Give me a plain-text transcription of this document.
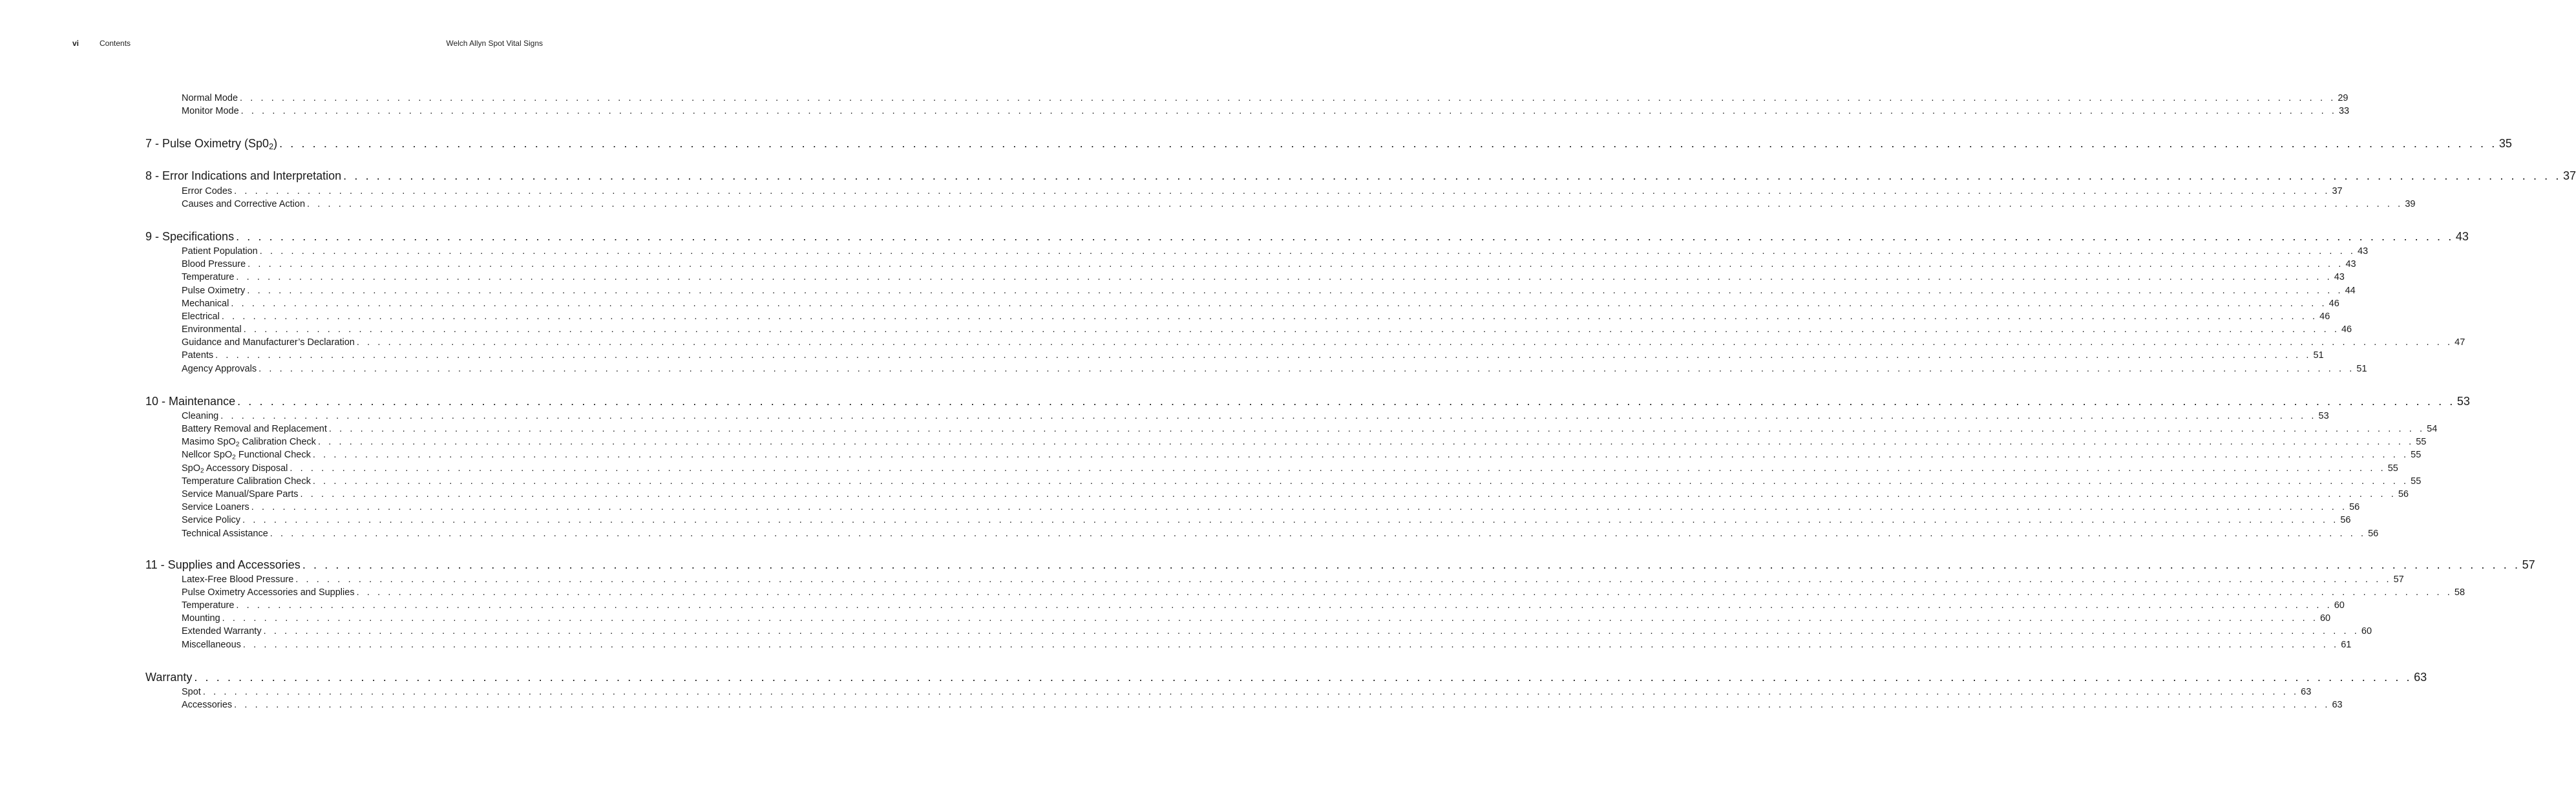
vi	Contents	Welch Allyn Spot Vital Signs
Normal Mode . . . . . . . . . . . . . . . . . . . . . . . . . . . . . . . . . . . . . . . . . . . . . . . . . . . . . . . . . . . . . . . . . . . . . . . . . . . . . . . . . . . . . . . . . . . . . . . . . . . . . . . . . . . . . . . . . . . . . . . . . . . . . . . . . . . . . . . . . . . . . . . . . . . . . . . . . . . . . . . . . . . . . . . . . . . . . . . . . . . . . . . . . . . . . . . . . . . . . . . . 29
Monitor Mode . . . . . . . . . . . . . . . . . . . . . . . . . . . . . . . . . . . . . . . . . . . . . . . . . . . . . . . . . . . . . . . . . . . . . . . . . . . . . . . . . . . . . . . . . . . . . . . . . . . . . . . . . . . . . . . . . . . . . . . . . . . . . . . . . . . . . . . . . . . . . . . . . . . . . . . . . . . . . . . . . . . . . . . . . . . . . . . . . . . . . . . . . . . . . . . . . . . . . . . . 33
7 - Pulse Oximetry $(Sp0_2)$ . . . . . . . . . . . . . . . . . . . . . . . . . . . . . . . . . . . . . . . . . . . . . . . . . . . . . . . . . . . . . . . . . . . . . . . . . . . . . . . . . . . . . . . . . . . . . . . . . . . . . . . . . . . . . . . . . . . . . . . . . . . . . . . . . . . . . . . . . . . . . . . . . . . . . . . . . . . . . . . . . . . . . . . . . . . . . . . . . . . . . . . . . . . . . . . . . . . . . . . . 35
8 - Error Indications and Interpretation . . . . . . . . . . . . . . . . . . . . . . . . . . . . . . . . . . . . . . . . . . . . . . . . . . . . . . . . . . . . . . . . . . . . . . . . . . . . . . . . . . . . . . . . . . . . . . . . . . . . . . . . . . . . . . . . . . . . . . . . . . . . . . . . . . . . . . . . . . . . . . . . . . . . . . . . . . . . . . . . . . . . . . . . . . . . . . . . . . . . . . . . . . . . . . . . . . . . . . . . 37
Error Codes . . . . . . . . . . . . . . . . . . . . . . . . . . . . . . . . . . . . . . . . . . . . . . . . . . . . . . . . . . . . . . . . . . . . . . . . . . . . . . . . . . . . . . . . . . . . . . . . . . . . . . . . . . . . . . . . . . . . . . . . . . . . . . . . . . . . . . . . . . . . . . . . . . . . . . . . . . . . . . . . . . . . . . . . . . . . . . . . . . . . . . . . . . . . . . . . . . . . . . . . 37
Causes and Corrective Action . . . . . . . . . . . . . . . . . . . . . . . . . . . . . . . . . . . . . . . . . . . . . . . . . . . . . . . . . . . . . . . . . . . . . . . . . . . . . . . . . . . . . . . . . . . . . . . . . . . . . . . . . . . . . . . . . . . . . . . . . . . . . . . . . . . . . . . . . . . . . . . . . . . . . . . . . . . . . . . . . . . . . . . . . . . . . . . . . . . . . . . . . . . . . . . . . . . . . . . . 39
9 - Specifications . . . . . . . . . . . . . . . . . . . . . . . . . . . . . . . . . . . . . . . . . . . . . . . . . . . . . . . . . . . . . . . . . . . . . . . . . . . . . . . . . . . . . . . . . . . . . . . . . . . . . . . . . . . . . . . . . . . . . . . . . . . . . . . . . . . . . . . . . . . . . . . . . . . . . . . . . . . . . . . . . . . . . . . . . . . . . . . . . . . . . . . . . . . . . . . . . . . . . . . . 43
Patient Population . . . . . . . . . . . . . . . . . . . . . . . . . . . . . . . . . . . . . . . . . . . . . . . . . . . . . . . . . . . . . . . . . . . . . . . . . . . . . . . . . . . . . . . . . . . . . . . . . . . . . . . . . . . . . . . . . . . . . . . . . . . . . . . . . . . . . . . . . . . . . . . . . . . . . . . . . . . . . . . . . . . . . . . . . . . . . . . . . . . . . . . . . . . . . . . . . . . . . . . . 43
Blood Pressure . . . . . . . . . . . . . . . . . . . . . . . . . . . . . . . . . . . . . . . . . . . . . . . . . . . . . . . . . . . . . . . . . . . . . . . . . . . . . . . . . . . . . . . . . . . . . . . . . . . . . . . . . . . . . . . . . . . . . . . . . . . . . . . . . . . . . . . . . . . . . . . . . . . . . . . . . . . . . . . . . . . . . . . . . . . . . . . . . . . . . . . . . . . . . . . . . . . . . . . . 43
Temperature . . . . . . . . . . . . . . . . . . . . . . . . . . . . . . . . . . . . . . . . . . . . . . . . . . . . . . . . . . . . . . . . . . . . . . . . . . . . . . . . . . . . . . . . . . . . . . . . . . . . . . . . . . . . . . . . . . . . . . . . . . . . . . . . . . . . . . . . . . . . . . . . . . . . . . . . . . . . . . . . . . . . . . . . . . . . . . . . . . . . . . . . . . . . . . . . . . . . . . . . 43
Pulse Oximetry . . . . . . . . . . . . . . . . . . . . . . . . . . . . . . . . . . . . . . . . . . . . . . . . . . . . . . . . . . . . . . . . . . . . . . . . . . . . . . . . . . . . . . . . . . . . . . . . . . . . . . . . . . . . . . . . . . . . . . . . . . . . . . . . . . . . . . . . . . . . . . . . . . . . . . . . . . . . . . . . . . . . . . . . . . . . . . . . . . . . . . . . . . . . . . . . . . . . . . . . 44
Mechanical . . . . . . . . . . . . . . . . . . . . . . . . . . . . . . . . . . . . . . . . . . . . . . . . . . . . . . . . . . . . . . . . . . . . . . . . . . . . . . . . . . . . . . . . . . . . . . . . . . . . . . . . . . . . . . . . . . . . . . . . . . . . . . . . . . . . . . . . . . . . . . . . . . . . . . . . . . . . . . . . . . . . . . . . . . . . . . . . . . . . . . . . . . . . . . . . . . . . . . . . 46
Electrical . . . . . . . . . . . . . . . . . . . . . . . . . . . . . . . . . . . . . . . . . . . . . . . . . . . . . . . . . . . . . . . . . . . . . . . . . . . . . . . . . . . . . . . . . . . . . . . . . . . . . . . . . . . . . . . . . . . . . . . . . . . . . . . . . . . . . . . . . . . . . . . . . . . . . . . . . . . . . . . . . . . . . . . . . . . . . . . . . . . . . . . . . . . . . . . . . . . . . . . . 46
Environmental . . . . . . . . . . . . . . . . . . . . . . . . . . . . . . . . . . . . . . . . . . . . . . . . . . . . . . . . . . . . . . . . . . . . . . . . . . . . . . . . . . . . . . . . . . . . . . . . . . . . . . . . . . . . . . . . . . . . . . . . . . . . . . . . . . . . . . . . . . . . . . . . . . . . . . . . . . . . . . . . . . . . . . . . . . . . . . . . . . . . . . . . . . . . . . . . . . . . . . . . 46
Guidance and Manufacturer’s Declaration . . . . . . . . . . . . . . . . . . . . . . . . . . . . . . . . . . . . . . . . . . . . . . . . . . . . . . . . . . . . . . . . . . . . . . . . . . . . . . . . . . . . . . . . . . . . . . . . . . . . . . . . . . . . . . . . . . . . . . . . . . . . . . . . . . . . . . . . . . . . . . . . . . . . . . . . . . . . . . . . . . . . . . . . . . . . . . . . . . . . . . . . . . . . . . . . . . . . . . . . 47
Patents . . . . . . . . . . . . . . . . . . . . . . . . . . . . . . . . . . . . . . . . . . . . . . . . . . . . . . . . . . . . . . . . . . . . . . . . . . . . . . . . . . . . . . . . . . . . . . . . . . . . . . . . . . . . . . . . . . . . . . . . . . . . . . . . . . . . . . . . . . . . . . . . . . . . . . . . . . . . . . . . . . . . . . . . . . . . . . . . . . . . . . . . . . . . . . . . . . . . . . . . 51
Agency Approvals . . . . . . . . . . . . . . . . . . . . . . . . . . . . . . . . . . . . . . . . . . . . . . . . . . . . . . . . . . . . . . . . . . . . . . . . . . . . . . . . . . . . . . . . . . . . . . . . . . . . . . . . . . . . . . . . . . . . . . . . . . . . . . . . . . . . . . . . . . . . . . . . . . . . . . . . . . . . . . . . . . . . . . . . . . . . . . . . . . . . . . . . . . . . . . . . . . . . . . . . 51
10 - Maintenance . . . . . . . . . . . . . . . . . . . . . . . . . . . . . . . . . . . . . . . . . . . . . . . . . . . . . . . . . . . . . . . . . . . . . . . . . . . . . . . . . . . . . . . . . . . . . . . . . . . . . . . . . . . . . . . . . . . . . . . . . . . . . . . . . . . . . . . . . . . . . . . . . . . . . . . . . . . . . . . . . . . . . . . . . . . . . . . . . . . . . . . . . . . . . . . . . . . . . . . . 53
Cleaning . . . . . . . . . . . . . . . . . . . . . . . . . . . . . . . . . . . . . . . . . . . . . . . . . . . . . . . . . . . . . . . . . . . . . . . . . . . . . . . . . . . . . . . . . . . . . . . . . . . . . . . . . . . . . . . . . . . . . . . . . . . . . . . . . . . . . . . . . . . . . . . . . . . . . . . . . . . . . . . . . . . . . . . . . . . . . . . . . . . . . . . . . . . . . . . . . . . . . . . . 53
Battery Removal and Replacement . . . . . . . . . . . . . . . . . . . . . . . . . . . . . . . . . . . . . . . . . . . . . . . . . . . . . . . . . . . . . . . . . . . . . . . . . . . . . . . . . . . . . . . . . . . . . . . . . . . . . . . . . . . . . . . . . . . . . . . . . . . . . . . . . . . . . . . . . . . . . . . . . . . . . . . . . . . . . . . . . . . . . . . . . . . . . . . . . . . . . . . . . . . . . . . . . . . . . . . . 54
Masimo SpO$_2$ Calibration Check . . . . . . . . . . . . . . . . . . . . . . . . . . . . . . . . . . . . . . . . . . . . . . . . . . . . . . . . . . . . . . . . . . . . . . . . . . . . . . . . . . . . . . . . . . . . . . . . . . . . . . . . . . . . . . . . . . . . . . . . . . . . . . . . . . . . . . . . . . . . . . . . . . . . . . . . . . . . . . . . . . . . . . . . . . . . . . . . . . . . . . . . . . . . . . . . . . . . . . . . 55
Nellcor SpO$_2$ Functional Check . . . . . . . . . . . . . . . . . . . . . . . . . . . . . . . . . . . . . . . . . . . . . . . . . . . . . . . . . . . . . . . . . . . . . . . . . . . . . . . . . . . . . . . . . . . . . . . . . . . . . . . . . . . . . . . . . . . . . . . . . . . . . . . . . . . . . . . . . . . . . . . . . . . . . . . . . . . . . . . . . . . . . . . . . . . . . . . . . . . . . . . . . . . . . . . . . . . . . . . . 55
SpO$_2$ Accessory Disposal . . . . . . . . . . . . . . . . . . . . . . . . . . . . . . . . . . . . . . . . . . . . . . . . . . . . . . . . . . . . . . . . . . . . . . . . . . . . . . . . . . . . . . . . . . . . . . . . . . . . . . . . . . . . . . . . . . . . . . . . . . . . . . . . . . . . . . . . . . . . . . . . . . . . . . . . . . . . . . . . . . . . . . . . . . . . . . . . . . . . . . . . . . . . . . . . . . . . . . . . 55
Temperature Calibration Check . . . . . . . . . . . . . . . . . . . . . . . . . . . . . . . . . . . . . . . . . . . . . . . . . . . . . . . . . . . . . . . . . . . . . . . . . . . . . . . . . . . . . . . . . . . . . . . . . . . . . . . . . . . . . . . . . . . . . . . . . . . . . . . . . . . . . . . . . . . . . . . . . . . . . . . . . . . . . . . . . . . . . . . . . . . . . . . . . . . . . . . . . . . . . . . . . . . . . . . . 55
Service Manual/Spare Parts . . . . . . . . . . . . . . . . . . . . . . . . . . . . . . . . . . . . . . . . . . . . . . . . . . . . . . . . . . . . . . . . . . . . . . . . . . . . . . . . . . . . . . . . . . . . . . . . . . . . . . . . . . . . . . . . . . . . . . . . . . . . . . . . . . . . . . . . . . . . . . . . . . . . . . . . . . . . . . . . . . . . . . . . . . . . . . . . . . . . . . . . . . . . . . . . . . . . . . . . 56
Service Loaners . . . . . . . . . . . . . . . . . . . . . . . . . . . . . . . . . . . . . . . . . . . . . . . . . . . . . . . . . . . . . . . . . . . . . . . . . . . . . . . . . . . . . . . . . . . . . . . . . . . . . . . . . . . . . . . . . . . . . . . . . . . . . . . . . . . . . . . . . . . . . . . . . . . . . . . . . . . . . . . . . . . . . . . . . . . . . . . . . . . . . . . . . . . . . . . . . . . . . . . . 56
Service Policy . . . . . . . . . . . . . . . . . . . . . . . . . . . . . . . . . . . . . . . . . . . . . . . . . . . . . . . . . . . . . . . . . . . . . . . . . . . . . . . . . . . . . . . . . . . . . . . . . . . . . . . . . . . . . . . . . . . . . . . . . . . . . . . . . . . . . . . . . . . . . . . . . . . . . . . . . . . . . . . . . . . . . . . . . . . . . . . . . . . . . . . . . . . . . . . . . . . . . . . . 56
Technical Assistance . . . . . . . . . . . . . . . . . . . . . . . . . . . . . . . . . . . . . . . . . . . . . . . . . . . . . . . . . . . . . . . . . . . . . . . . . . . . . . . . . . . . . . . . . . . . . . . . . . . . . . . . . . . . . . . . . . . . . . . . . . . . . . . . . . . . . . . . . . . . . . . . . . . . . . . . . . . . . . . . . . . . . . . . . . . . . . . . . . . . . . . . . . . . . . . . . . . . . . . . 56
11 - Supplies and Accessories . . . . . . . . . . . . . . . . . . . . . . . . . . . . . . . . . . . . . . . . . . . . . . . . . . . . . . . . . . . . . . . . . . . . . . . . . . . . . . . . . . . . . . . . . . . . . . . . . . . . . . . . . . . . . . . . . . . . . . . . . . . . . . . . . . . . . . . . . . . . . . . . . . . . . . . . . . . . . . . . . . . . . . . . . . . . . . . . . . . . . . . . . . . . . . . . . . . . . . . . 57
Latex-Free Blood Pressure . . . . . . . . . . . . . . . . . . . . . . . . . . . . . . . . . . . . . . . . . . . . . . . . . . . . . . . . . . . . . . . . . . . . . . . . . . . . . . . . . . . . . . . . . . . . . . . . . . . . . . . . . . . . . . . . . . . . . . . . . . . . . . . . . . . . . . . . . . . . . . . . . . . . . . . . . . . . . . . . . . . . . . . . . . . . . . . . . . . . . . . . . . . . . . . . . . . . . . . . 57
Pulse Oximetry Accessories and Supplies . . . . . . . . . . . . . . . . . . . . . . . . . . . . . . . . . . . . . . . . . . . . . . . . . . . . . . . . . . . . . . . . . . . . . . . . . . . . . . . . . . . . . . . . . . . . . . . . . . . . . . . . . . . . . . . . . . . . . . . . . . . . . . . . . . . . . . . . . . . . . . . . . . . . . . . . . . . . . . . . . . . . . . . . . . . . . . . . . . . . . . . . . . . . . . . . . . . . . . . . 58
Temperature . . . . . . . . . . . . . . . . . . . . . . . . . . . . . . . . . . . . . . . . . . . . . . . . . . . . . . . . . . . . . . . . . . . . . . . . . . . . . . . . . . . . . . . . . . . . . . . . . . . . . . . . . . . . . . . . . . . . . . . . . . . . . . . . . . . . . . . . . . . . . . . . . . . . . . . . . . . . . . . . . . . . . . . . . . . . . . . . . . . . . . . . . . . . . . . . . . . . . . . . 60
Mounting . . . . . . . . . . . . . . . . . . . . . . . . . . . . . . . . . . . . . . . . . . . . . . . . . . . . . . . . . . . . . . . . . . . . . . . . . . . . . . . . . . . . . . . . . . . . . . . . . . . . . . . . . . . . . . . . . . . . . . . . . . . . . . . . . . . . . . . . . . . . . . . . . . . . . . . . . . . . . . . . . . . . . . . . . . . . . . . . . . . . . . . . . . . . . . . . . . . . . . . . 60
Extended Warranty . . . . . . . . . . . . . . . . . . . . . . . . . . . . . . . . . . . . . . . . . . . . . . . . . . . . . . . . . . . . . . . . . . . . . . . . . . . . . . . . . . . . . . . . . . . . . . . . . . . . . . . . . . . . . . . . . . . . . . . . . . . . . . . . . . . . . . . . . . . . . . . . . . . . . . . . . . . . . . . . . . . . . . . . . . . . . . . . . . . . . . . . . . . . . . . . . . . . . . . . 60
Miscellaneous . . . . . . . . . . . . . . . . . . . . . . . . . . . . . . . . . . . . . . . . . . . . . . . . . . . . . . . . . . . . . . . . . . . . . . . . . . . . . . . . . . . . . . . . . . . . . . . . . . . . . . . . . . . . . . . . . . . . . . . . . . . . . . . . . . . . . . . . . . . . . . . . . . . . . . . . . . . . . . . . . . . . . . . . . . . . . . . . . . . . . . . . . . . . . . . . . . . . . . . . 61
Warranty . . . . . . . . . . . . . . . . . . . . . . . . . . . . . . . . . . . . . . . . . . . . . . . . . . . . . . . . . . . . . . . . . . . . . . . . . . . . . . . . . . . . . . . . . . . . . . . . . . . . . . . . . . . . . . . . . . . . . . . . . . . . . . . . . . . . . . . . . . . . . . . . . . . . . . . . . . . . . . . . . . . . . . . . . . . . . . . . . . . . . . . . . . . . . . . . . . . . . . . . 63
Spot . . . . . . . . . . . . . . . . . . . . . . . . . . . . . . . . . . . . . . . . . . . . . . . . . . . . . . . . . . . . . . . . . . . . . . . . . . . . . . . . . . . . . . . . . . . . . . . . . . . . . . . . . . . . . . . . . . . . . . . . . . . . . . . . . . . . . . . . . . . . . . . . . . . . . . . . . . . . . . . . . . . . . . . . . . . . . . . . . . . . . . . . . . . . . . . . . . . . . . . . 63
Accessories . . . . . . . . . . . . . . . . . . . . . . . . . . . . . . . . . . . . . . . . . . . . . . . . . . . . . . . . . . . . . . . . . . . . . . . . . . . . . . . . . . . . . . . . . . . . . . . . . . . . . . . . . . . . . . . . . . . . . . . . . . . . . . . . . . . . . . . . . . . . . . . . . . . . . . . . . . . . . . . . . . . . . . . . . . . . . . . . . . . . . . . . . . . . . . . . . . . . . . . . 63
